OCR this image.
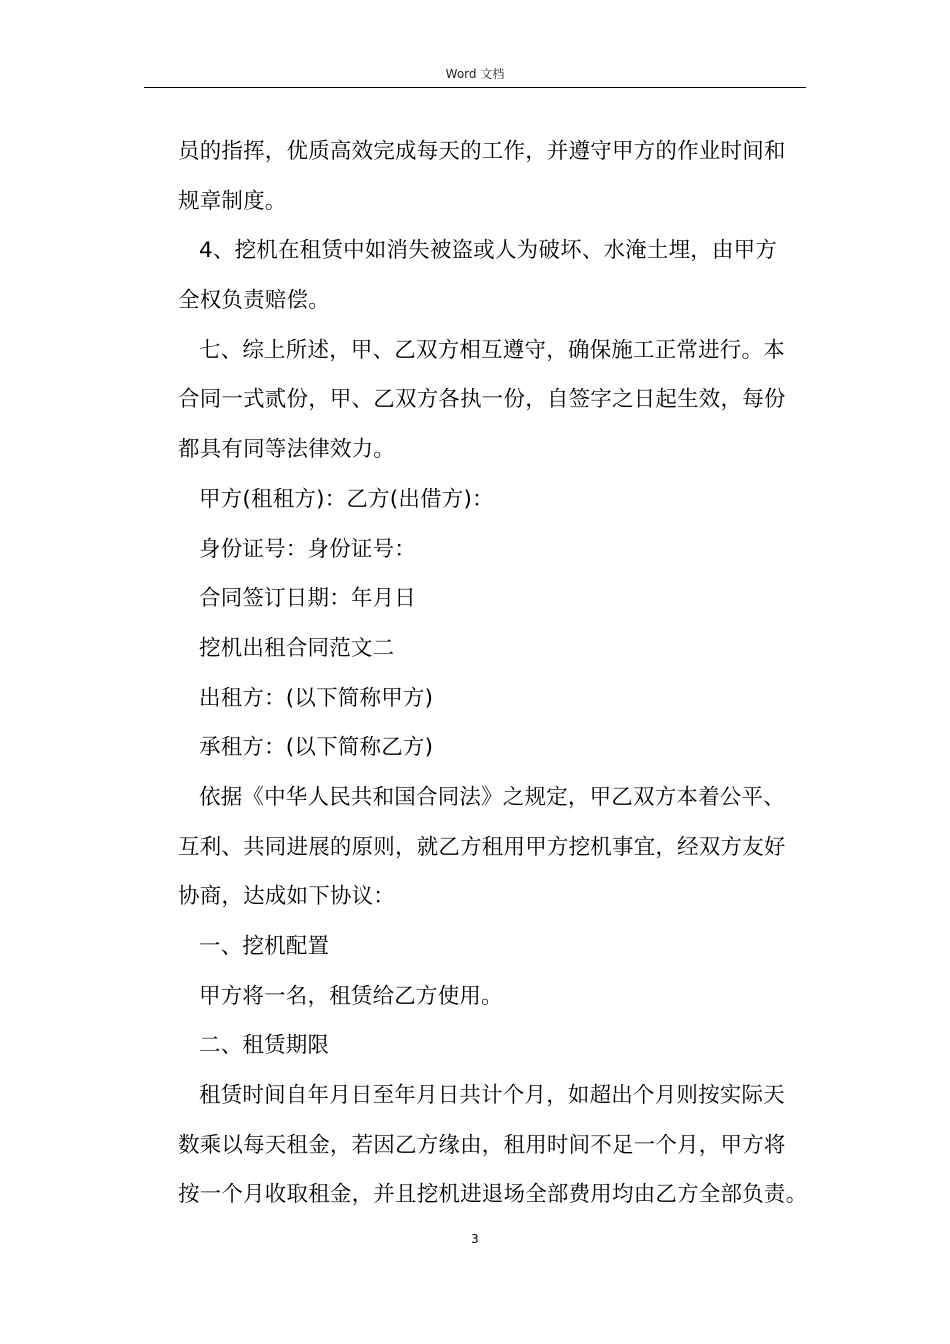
Word 文档
员的指挥，优质高效完成每天的工作，并遵守甲方的作业时间和
规章制度。
4、挖机在租赁中如消失被盗或人为破坏、水淹土埋，由甲方
全权负责赔偿。
七、综上所述，甲、乙双方相互遵守，确保施工正常进行。本
合同一式贰份，甲、乙双方各执一份，自签字之日起生效，每份
都具有同等法律效力。
甲方(租租方)：乙方(出借方)：
身份证号：身份证号：
合同签订日期：年月日
挖机出租合同范文二
出租方：(以下简称甲方)
承租方：(以下简称乙方)
依据《中华人民共和国合同法》之规定，甲乙双方本着公平、
互利、共同进展的原则，就乙方租用甲方挖机事宜，经双方友好
协商，达成如下协议：
一、挖机配置
甲方将一名，租赁给乙方使用。
二、租赁期限
租赁时间自年月日至年月日共计个月，如超出个月则按实际天
数乘以每天租金，若因乙方缘由，租用时间不足一个月，甲方将
按一个月收取租金，并且挖机进退场全部费用均由乙方全部负责。
3
